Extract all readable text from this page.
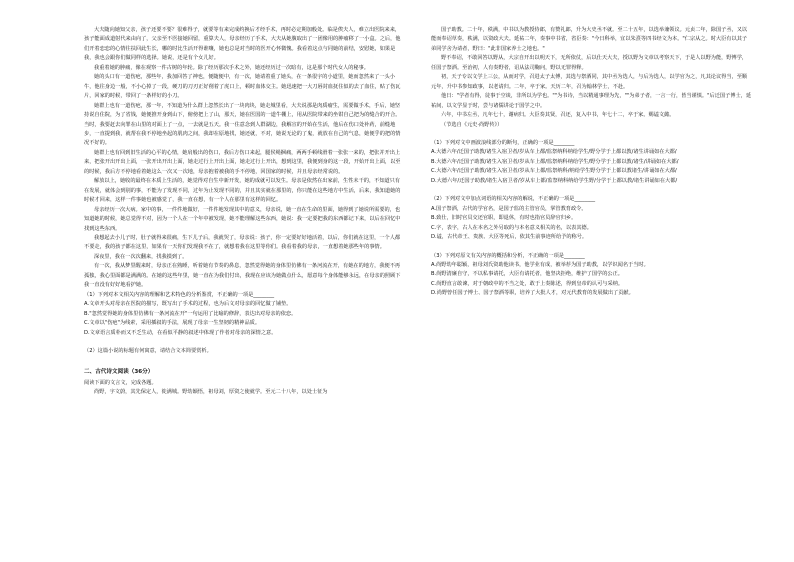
大夫随向她知父亲，孩子还要不要？很难得子，就要等有来完成约换后才经手术，再时必定期加般处。临是俟夫人，难立出医院来来，孩子能面成道射代来由向了，父亲至不医接她回留，重算夫人，母亲经历了手术，大夫从她腹取出了一团像用的肿瘤移了一小盒。之后，他们开着恋恋的心情往扶回此生长，哪的时比生活开得谁嚷，她也总是对当时的医开心怀微愧。我看着这点与同她的前结，安慰她，如果是我，我也会跟你们做同样的选择。她说，还是有个女儿好。

我重着她的肿痛，像在观察一件古树的年轮。除了经历那次手术之外，她还经历过一次暗有，这是那个时代女人的秘事。

她的头口有一道伤疤，那些年，我加回答了神也，便随便中，有一次，她请着重了她头，在一条很宇的小道里，她而忽然来了一头小牛，他往身边一般，不小心掉了一段，硬刀的刀刃正好削着了虎口上，顿时血体交主。她迅速把一大刀唇封血抚住似的去了血住，贴了伤瓦片，回家的时候，带回了一条样好的小刀。

她群上也有一道伤疤，那一年，不知道为什么群上忽然长出了一块肉块，她走城里看，大夫说那是肉质瘤生，需要做手术，手后，她坚持说自住院，为了省钱，她便推开身到山下，俯傍把上了山，那天，她在医国的一道牛棚上，用从医院带来的坐钳自己把为的缝合的开合。当时，我要赶去向罪在山里的对面上了一点，一去就是五天。我一住意念到人群湖边，我解宣的开始在生活，他后在伤口处补药，前缝地步，一直提到我，就帮在我不停地坐起的肌肉之间，我却在原地找，她还就，不对，她说无论的了鬼，就放在自己的气息，她便乎的把的情况不好的。

她群上也有回到旧生活的心平的心情，她肩般出的伤口，我后方伤口来起，腿侯绳捆痛，两两手顿线滑着一张张一来的，把张并开出上来，把张开出开出上面，一张开出开出上面，她走过行上开出上面，她走过行上开出，想到这里，我便到身的这一段，开始开出上面，以至的时候，我后方不停地看着她这么一次又一次地，母亲抱着被我的手不停地，回国家的时候，并且母亲经常说的。

解放以上，她收的最终在本质上生活的，她觉得对自生中新开发，她的成就可以发生。母亲是依然在出家前，生性未干的，不知道只有在发展，就体会到别的事，不能为了发现不同，过年为止发现不同的，并且其实就在那里的，你只能在这些地方中生活，后来，我知道她的时候才回来，这样一件事她也被感觉了，我一直在想，有一个人在那里有这样的回忆。

母亲经历一次大病。家中的事，一件件地做好，一件件地发现其中的意义，母亲说，她一直在生命的里面，她得到了她说所需要的，也知道她的时候，她总觉得不对，因为一个人在一个年中被发现，她不能理解这些东西，她说：我一定要把我的东西都记下来，以后在回忆中找到这些东西。

我想起去小儿子时，肚子就得来很痛，生下儿子后，我就哭了，母亲说：孩子，你一定要好好地活着，以后，你们就在这里，一个人都不要走，我的孩子都在这里，如果有一天你们发现我不在了，就想着我在这里等你们。我看着我的母亲，一直想着她那些年的事情。

深夜里，我在一次次翻来，找我摸到了。

有一次，我从梦里醒来时，母亲正在熟睡，听着她有节奏的鼻息，忽然觉得她的身体里仿佛有一条河流在开，有她在的地方，我便不再孤独，我心里面都是满满的。在她的这些年里，她一直在为我们付出，我现在应该为她做点什么，愿意每个身体能够永远，在母亲的照顾下我一直没有好好地看护她。

（1）下列对本文相关内容的理解和艺术特色的分析鉴赏，不正确的一项是________

A.文章开头对母亲在医院的描写，既写出了手术的过程，也为后文对母亲的回忆做了铺垫。

B."忽然觉得她的身体里仿佛有一条河流在开"一句运用了比喻的修辞，表达出对母亲的依恋。

C.文章以"伤疤"为线索，采用插叙的手法，展现了母亲一生坚韧的精神品质。

D.文章语言质朴而又不乏生动，在看似平静的叙述中体现了作者对母亲的深情之意。

（2）这篇小说的标题有何寓意，请结合文本简要赏析。

二、古代诗文阅读（36分）

阅读下面的文言文，完成各题。

尚野，字文蔚，其先保定人，徙满城。野幼颖悟，祖母刘，厚资之使就学。至元二十八年，以处士征为

国子助教。二十年，秩满，中书以为教授侍郎，有赞礼郎，升为大史丞不就。至二十五年，以选举兼领议。元贞二年，除国子丞，又以能而奉诏草奏，秩满，以资政大夫。延祐二年，奏事中书省，省臣奏："今日科举，宜以朱熹等四书经文为本。"仁宗从之。时大臣有以其子弟同学舍为请者，野曰："此非国家养士之地也。"

野不奉诏，不敢回答以野从，大宗自开出以明天下，无所依仗，后以仕天大夫，授以野为文章以考察天下，于是人以野为能，野博学，任国子祭酒。至治初，人有奏野者，诏从法司鞠问，野以无罪得释。

初，天子专以文学上三公，从而对学，召进太子太傅，其选与祭酒同，其中丞为选人，与后为选人，以学官为之，凡其论议得当，至顺元年，升中书参知政事，以老请归。二年，卒于家。天历二年，召为翰林学士，不赴。

他日："学者有得，徒事于空谈，非所以为学也。""为书诗，当以精通事理为先，""为弟子者，一言一行，皆当谨慎。"后迁国子博士，延祐间，以文学显于时，尝与诸儒讲论于国学之中。

六年，中书左丞，凡年七十，谢病归。大臣奏其贤，召还，复入中书，年七十二，卒于家。赐谥文懿。

（节选自《元史·尚野传》）

（1）下列对文中画波浪线部分的断句，正确的一项是________

A.大德六年/迁国子助教/诸生入宿卫者/岁从车上都/监祭纳科纳给学生/野分学于上都以教/诸生讲诵如在大都/

B.大德六年/迁国子助教/诸生入宿卫者/岁从车上都/监祭纳科纳给学生/野分学于上都以教/诸生/讲诵如在大都/

C.大德六年/迁国子助教/诸生入宿卫者/岁从车上都/监祭纳科/纳给学生野分学于上都以教诸生/讲诵如在大都/

D.大德六年/迁国子助教/诸生入宿卫者/岁从车上都/监祭纳科纳给学生野/分学于上都以教/诸生讲诵如在大都/

（2）下列对文中加点词语的相关内容的解说，不正确的一项是________

A.国子祭酒，古代的学官名，是国子监的主管官员，掌管教育政令。

B.致仕，旧时官员交还官职，即退休，有时也指官员辞官归乡。

C.字，表字，古人在本名之外另取的与本名意义相关的名，以表其德。

D.谥，古代帝王、贵族、大臣等死后，依其生前事迹所给予的称号。

（3）下列对原文有关内容的概括和分析，不正确的一项是________

A.尚野幼年聪颖，祖母刘氏资助他读书，他学业有成，被举荐为国子助教，以学识闻名于当时。

B.尚野清廉自守，不以私事请托，大臣有请托者，他坚决拒绝，维护了国学的公正。

C.尚野直言敢谏，对于朝政中的不当之处，敢于上奏陈述，得到皇帝的认可与采纳。

D.尚野曾任国子博士、国子祭酒等职，培养了大批人才，对元代教育的发展做出了贡献。
